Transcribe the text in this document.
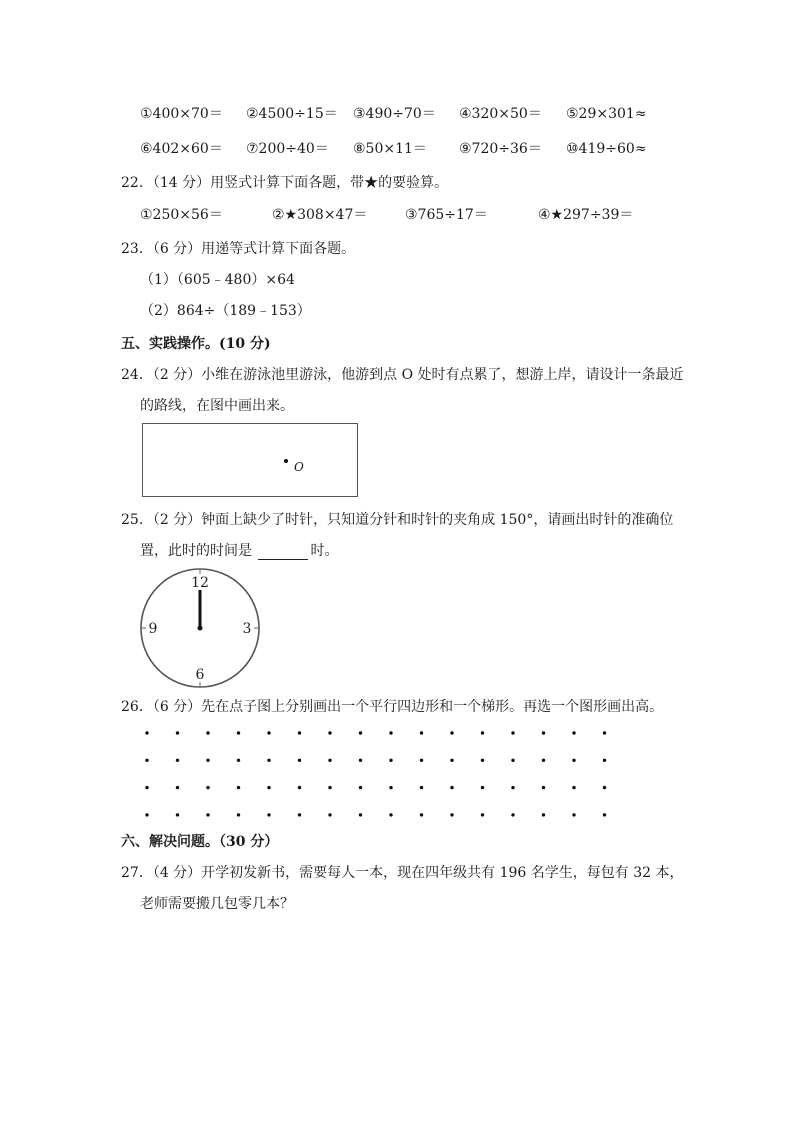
①400×70＝ ②4500÷15＝ ③490÷70＝ ④320×50＝ ⑤29×301≈
⑥402×60＝ ⑦200÷40＝ ⑧50×11＝ ⑨720÷36＝ ⑩419÷60≈
22．（14 分）用竖式计算下面各题，带★的要验算。
①250×56＝	②★308×47＝	③765÷17＝	④★297÷39＝
23．（6 分）用递等式计算下面各题。
（1）（605﹣480）×64
（2）864÷（189﹣153）
五、实践操作。(10 分)
24．（2 分）小维在游泳池里游泳，他游到点 O 处时有点累了，想游上岸，请设计一条最近
的路线，在图中画出来。
O
25．（2 分）钟面上缺少了时针，只知道分针和时针的夹角成 150°，请画出时针的准确位
置，此时的时间是	时。
12
3
6
9
26．（6 分）先在点子图上分别画出一个平行四边形和一个梯形。再选一个图形画出高。
六、解决问题。（30 分）
27．（4 分）开学初发新书，需要每人一本，现在四年级共有 196 名学生，每包有 32 本，
老师需要搬几包零几本？
